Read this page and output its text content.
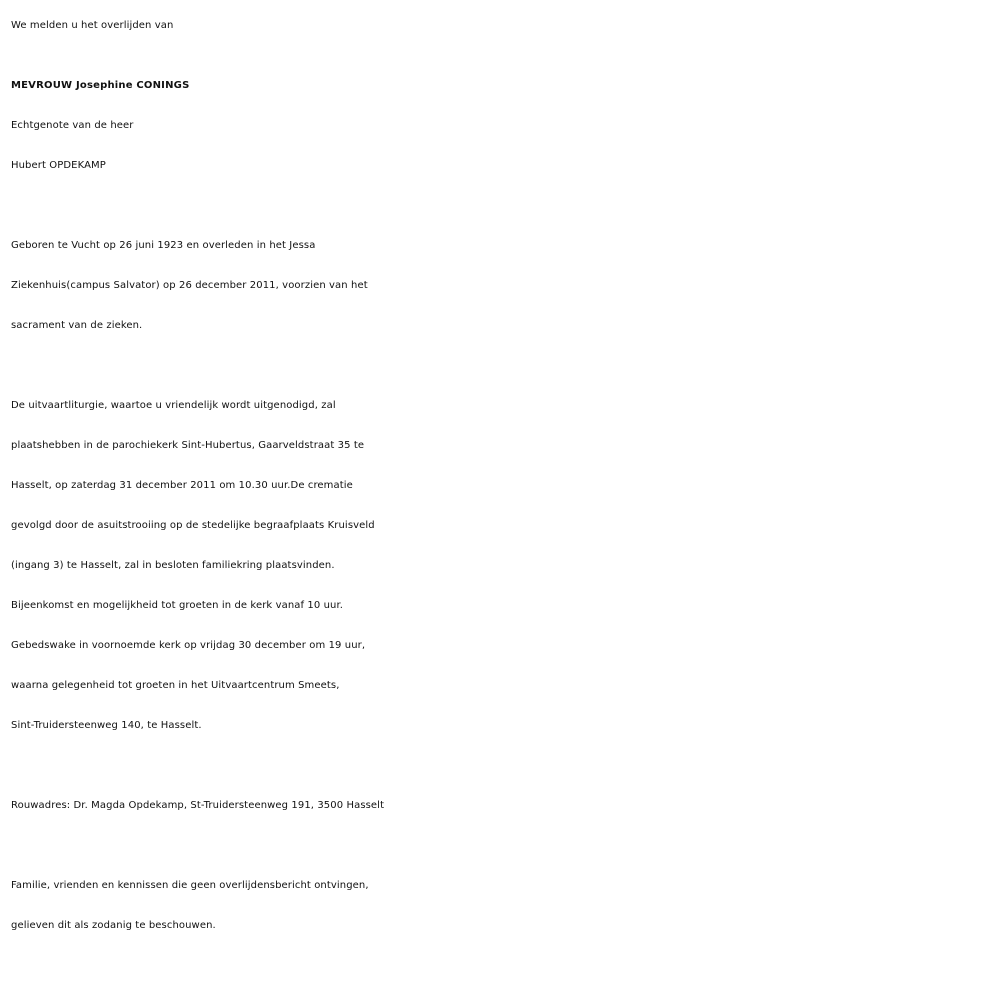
We melden u het overlijden van
MEVROUW Josephine CONINGS
Echtgenote van de heer
Hubert OPDEKAMP
Geboren te Vucht op 26 juni 1923 en overleden in het Jessa
Ziekenhuis(campus Salvator) op 26 december 2011, voorzien van het
sacrament van de zieken.
De uitvaartliturgie, waartoe u vriendelijk wordt uitgenodigd, zal
plaatshebben in de parochiekerk Sint-Hubertus, Gaarveldstraat 35 te
Hasselt, op zaterdag 31 december 2011 om 10.30 uur.De crematie
gevolgd door de asuitstrooiing op de stedelijke begraafplaats Kruisveld
(ingang 3) te Hasselt, zal in besloten familiekring plaatsvinden.
Bijeenkomst en mogelijkheid tot groeten in de kerk vanaf 10 uur.
Gebedswake in voornoemde kerk op vrijdag 30 december om 19 uur,
waarna gelegenheid tot groeten in het Uitvaartcentrum Smeets,
Sint-Truidersteenweg 140, te Hasselt.
Rouwadres: Dr. Magda Opdekamp, St-Truidersteenweg 191, 3500 Hasselt
Familie, vrienden en kennissen die geen overlijdensbericht ontvingen,
gelieven dit als zodanig te beschouwen.
